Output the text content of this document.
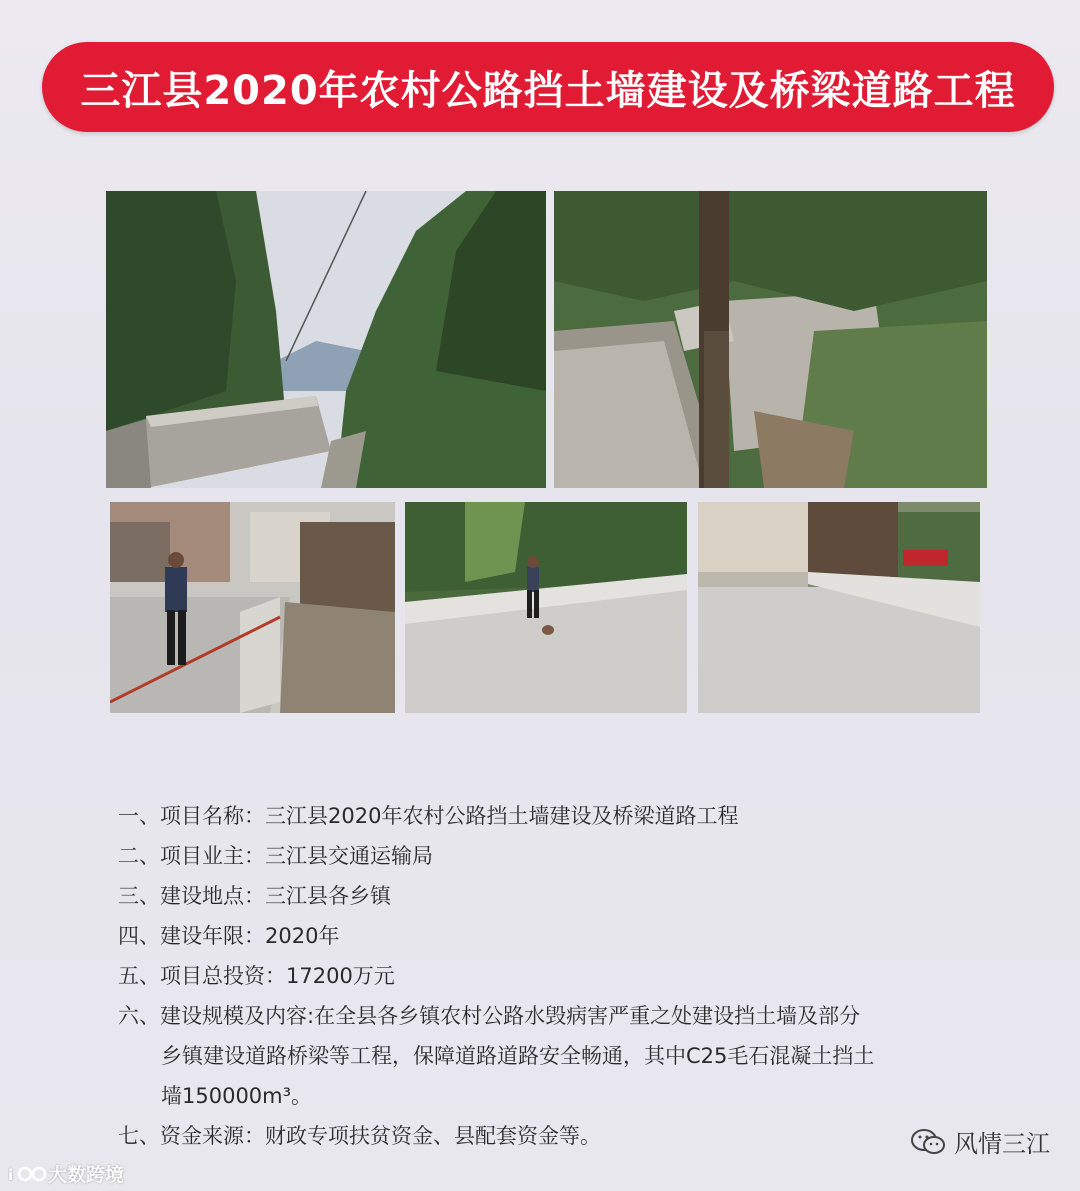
三江县2020年农村公路挡土墙建设及桥梁道路工程
一、 项目名称： 三江县2020年农村公路挡土墙建设及桥梁道路工程
二、 项目业主： 三江县交通运输局
三、 建设地点： 三江县各乡镇
四、 建设年限： 2020年
五、 项目总投资： 17200万元
六、建设规模及内容:在全县各乡镇农村公路水毁病害严重之处建设挡土墙及部分
乡镇建设道路桥梁等工程，保障道路道路安全畅通，其中C25毛石混凝土挡土
墙150000m³。
七、 资金来源： 财政专项扶贫资金、县配套资金等。
i 大数跨境
风情三江
